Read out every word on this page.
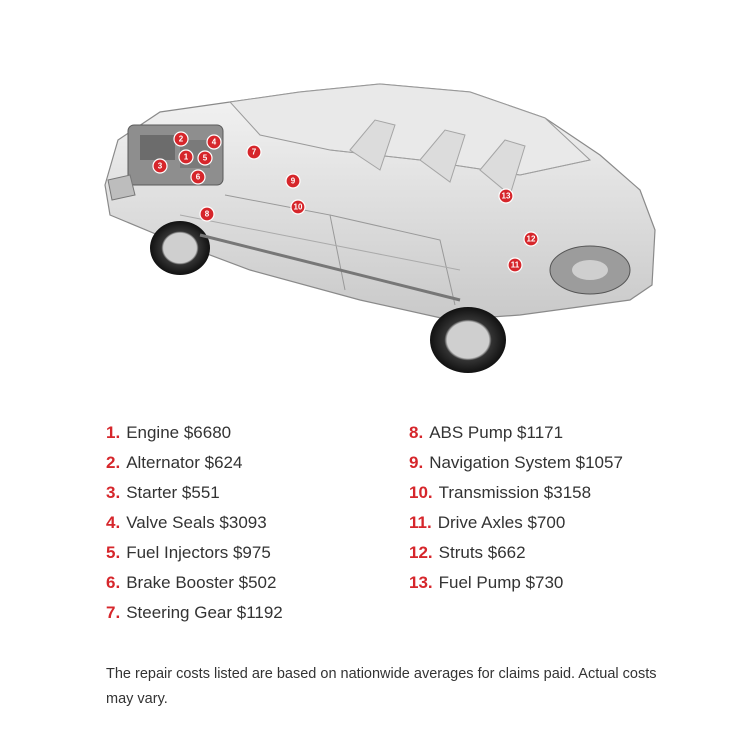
1
2
3
4
5
6
7
8
9
10
11
12
13
1. Engine $6680
2. Alternator $624
3. Starter $551
4. Valve Seals $3093
5. Fuel Injectors $975
6. Brake Booster $502
7. Steering Gear $1192
8. ABS Pump $1171
9. Navigation System $1057
10. Transmission $3158
11. Drive Axles $700
12. Struts $662
13. Fuel Pump $730
The repair costs listed are based on nationwide averages for claims paid. Actual costs may vary.
